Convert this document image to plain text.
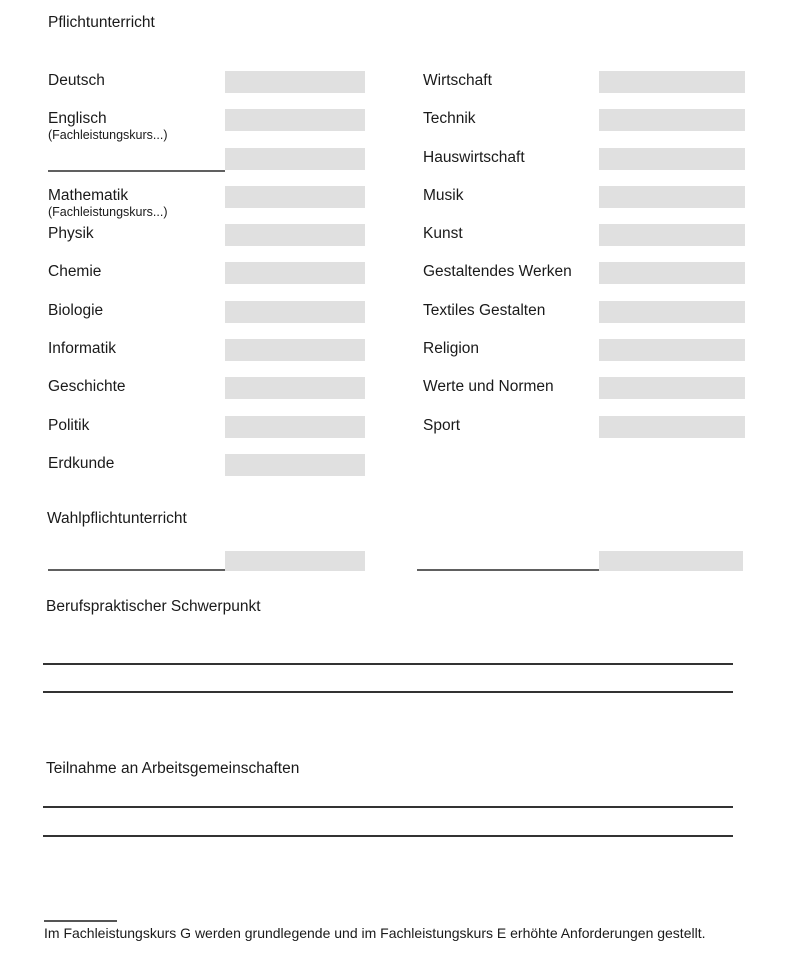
Pflichtunterricht
Deutsch
Englisch
(Fachleistungskurs...)
Mathematik
(Fachleistungskurs...)
Physik
Chemie
Biologie
Informatik
Geschichte
Politik
Erdkunde
Wirtschaft
Technik
Hauswirtschaft
Musik
Kunst
Gestaltendes Werken
Textiles Gestalten
Religion
Werte und Normen
Sport
Wahlpflichtunterricht
Berufspraktischer Schwerpunkt
Teilnahme an Arbeitsgemeinschaften
Im Fachleistungskurs G werden grundlegende und im Fachleistungskurs E erhöhte Anforderungen gestellt.
